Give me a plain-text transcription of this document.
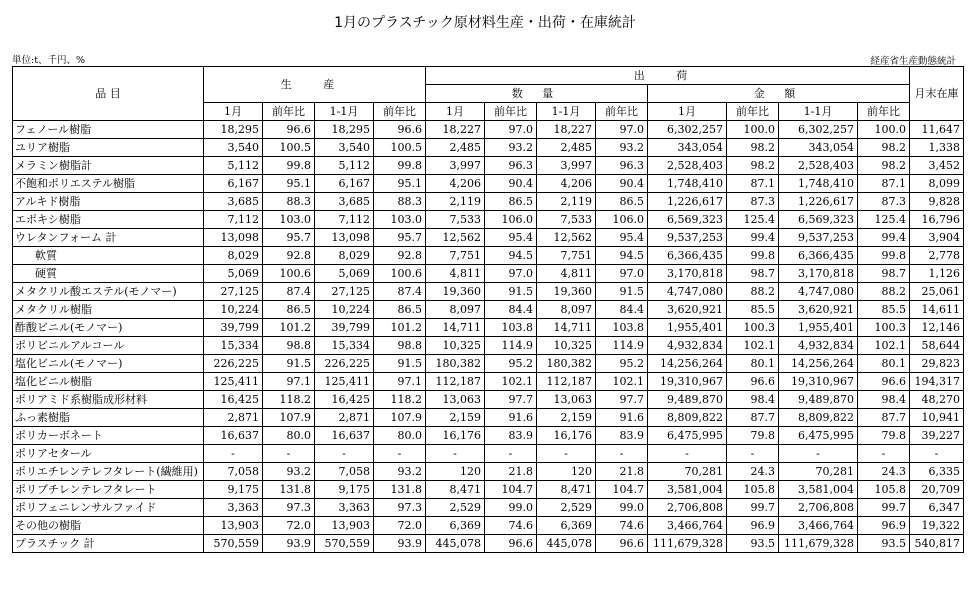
1月のプラスチック原材料生産・出荷・在庫統計
単位:t、千円、%	経産省生産動態統計
品 目	生 産				出 荷								月末在庫
					数 量				金 額				
	1月	前年比	1-1月	前年比	1月	前年比	1-1月	前年比	1月	前年比	1-1月	前年比	
フェノール樹脂	18,295	96.6	18,295	96.6	18,227	97.0	18,227	97.0	6,302,257	100.0	6,302,257	100.0	11,647
ユリア樹脂	3,540	100.5	3,540	100.5	2,485	93.2	2,485	93.2	343,054	98.2	343,054	98.2	1,338
メラミン樹脂計	5,112	99.8	5,112	99.8	3,997	96.3	3,997	96.3	2,528,403	98.2	2,528,403	98.2	3,452
不飽和ポリエステル樹脂	6,167	95.1	6,167	95.1	4,206	90.4	4,206	90.4	1,748,410	87.1	1,748,410	87.1	8,099
アルキド樹脂	3,685	88.3	3,685	88.3	2,119	86.5	2,119	86.5	1,226,617	87.3	1,226,617	87.3	9,828
エポキシ樹脂	7,112	103.0	7,112	103.0	7,533	106.0	7,533	106.0	6,569,323	125.4	6,569,323	125.4	16,796
ウレタンフォーム 計	13,098	95.7	13,098	95.7	12,562	95.4	12,562	95.4	9,537,253	99.4	9,537,253	99.4	3,904
軟質	8,029	92.8	8,029	92.8	7,751	94.5	7,751	94.5	6,366,435	99.8	6,366,435	99.8	2,778
硬質	5,069	100.6	5,069	100.6	4,811	97.0	4,811	97.0	3,170,818	98.7	3,170,818	98.7	1,126
メタクリル酸エステル(モノマー)	27,125	87.4	27,125	87.4	19,360	91.5	19,360	91.5	4,747,080	88.2	4,747,080	88.2	25,061
メタクリル樹脂	10,224	86.5	10,224	86.5	8,097	84.4	8,097	84.4	3,620,921	85.5	3,620,921	85.5	14,611
酢酸ビニル(モノマー)	39,799	101.2	39,799	101.2	14,711	103.8	14,711	103.8	1,955,401	100.3	1,955,401	100.3	12,146
ポリビニルアルコール	15,334	98.8	15,334	98.8	10,325	114.9	10,325	114.9	4,932,834	102.1	4,932,834	102.1	58,644
塩化ビニル(モノマー)	226,225	91.5	226,225	91.5	180,382	95.2	180,382	95.2	14,256,264	80.1	14,256,264	80.1	29,823
塩化ビニル樹脂	125,411	97.1	125,411	97.1	112,187	102.1	112,187	102.1	19,310,967	96.6	19,310,967	96.6	194,317
ポリアミド系樹脂成形材料	16,425	118.2	16,425	118.2	13,063	97.7	13,063	97.7	9,489,870	98.4	9,489,870	98.4	48,270
ふっ素樹脂	2,871	107.9	2,871	107.9	2,159	91.6	2,159	91.6	8,809,822	87.7	8,809,822	87.7	10,941
ポリカーボネート	16,637	80.0	16,637	80.0	16,176	83.9	16,176	83.9	6,475,995	79.8	6,475,995	79.8	39,227
ポリアセタール	-	-	-	-	-	-	-	-	-	-	-	-	-
ポリエチレンテレフタレート(繊維用)	7,058	93.2	7,058	93.2	120	21.8	120	21.8	70,281	24.3	70,281	24.3	6,335
ポリブチレンテレフタレート	9,175	131.8	9,175	131.8	8,471	104.7	8,471	104.7	3,581,004	105.8	3,581,004	105.8	20,709
ポリフェニレンサルファイド	3,363	97.3	3,363	97.3	2,529	99.0	2,529	99.0	2,706,808	99.7	2,706,808	99.7	6,347
その他の樹脂	13,903	72.0	13,903	72.0	6,369	74.6	6,369	74.6	3,466,764	96.9	3,466,764	96.9	19,322
プラスチック 計	570,559	93.9	570,559	93.9	445,078	96.6	445,078	96.6	111,679,328	93.5	111,679,328	93.5	540,817
